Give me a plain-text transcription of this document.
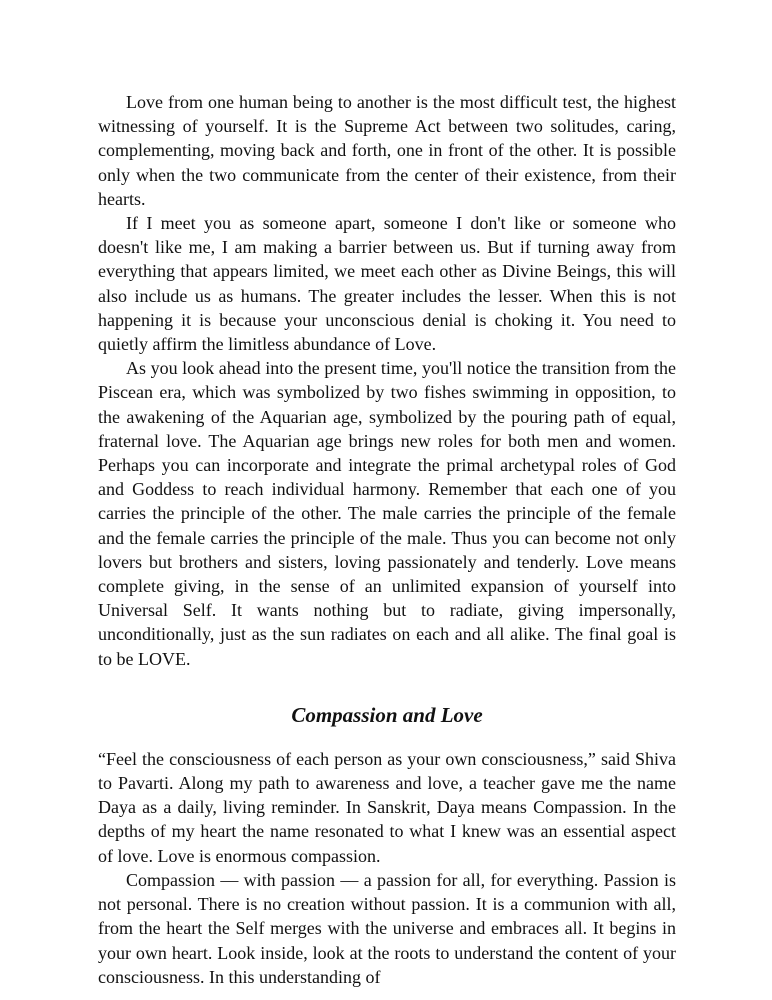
Love from one human being to another is the most difficult test, the highest witnessing of yourself. It is the Supreme Act between two solitudes, caring, complementing, moving back and forth, one in front of the other. It is possible only when the two communicate from the center of their existence, from their hearts.

If I meet you as someone apart, someone I don't like or someone who doesn't like me, I am making a barrier between us. But if turning away from everything that appears limited, we meet each other as Divine Beings, this will also include us as humans. The greater includes the lesser. When this is not happening it is because your unconscious denial is choking it. You need to quietly affirm the limitless abundance of Love.

As you look ahead into the present time, you'll notice the transition from the Piscean era, which was symbolized by two fishes swimming in opposition, to the awakening of the Aquarian age, symbolized by the pouring path of equal, fraternal love. The Aquarian age brings new roles for both men and women. Perhaps you can incorporate and integrate the primal archetypal roles of God and Goddess to reach individual harmony. Remember that each one of you carries the principle of the other. The male carries the principle of the female and the female carries the principle of the male. Thus you can become not only lovers but brothers and sisters, loving passionately and tenderly. Love means complete giving, in the sense of an unlimited expansion of yourself into Universal Self. It wants nothing but to radiate, giving impersonally, unconditionally, just as the sun radiates on each and all alike. The final goal is to be LOVE.

Compassion and Love

“Feel the consciousness of each person as your own consciousness,” said Shiva to Pavarti. Along my path to awareness and love, a teacher gave me the name Daya as a daily, living reminder. In Sanskrit, Daya means Compassion. In the depths of my heart the name resonated to what I knew was an essential aspect of love. Love is enormous compassion.

Compassion — with passion — a passion for all, for everything. Passion is not personal. There is no creation without passion. It is a communion with all, from the heart the Self merges with the universe and embraces all. It begins in your own heart. Look inside, look at the roots to understand the content of your consciousness. In this understanding of
